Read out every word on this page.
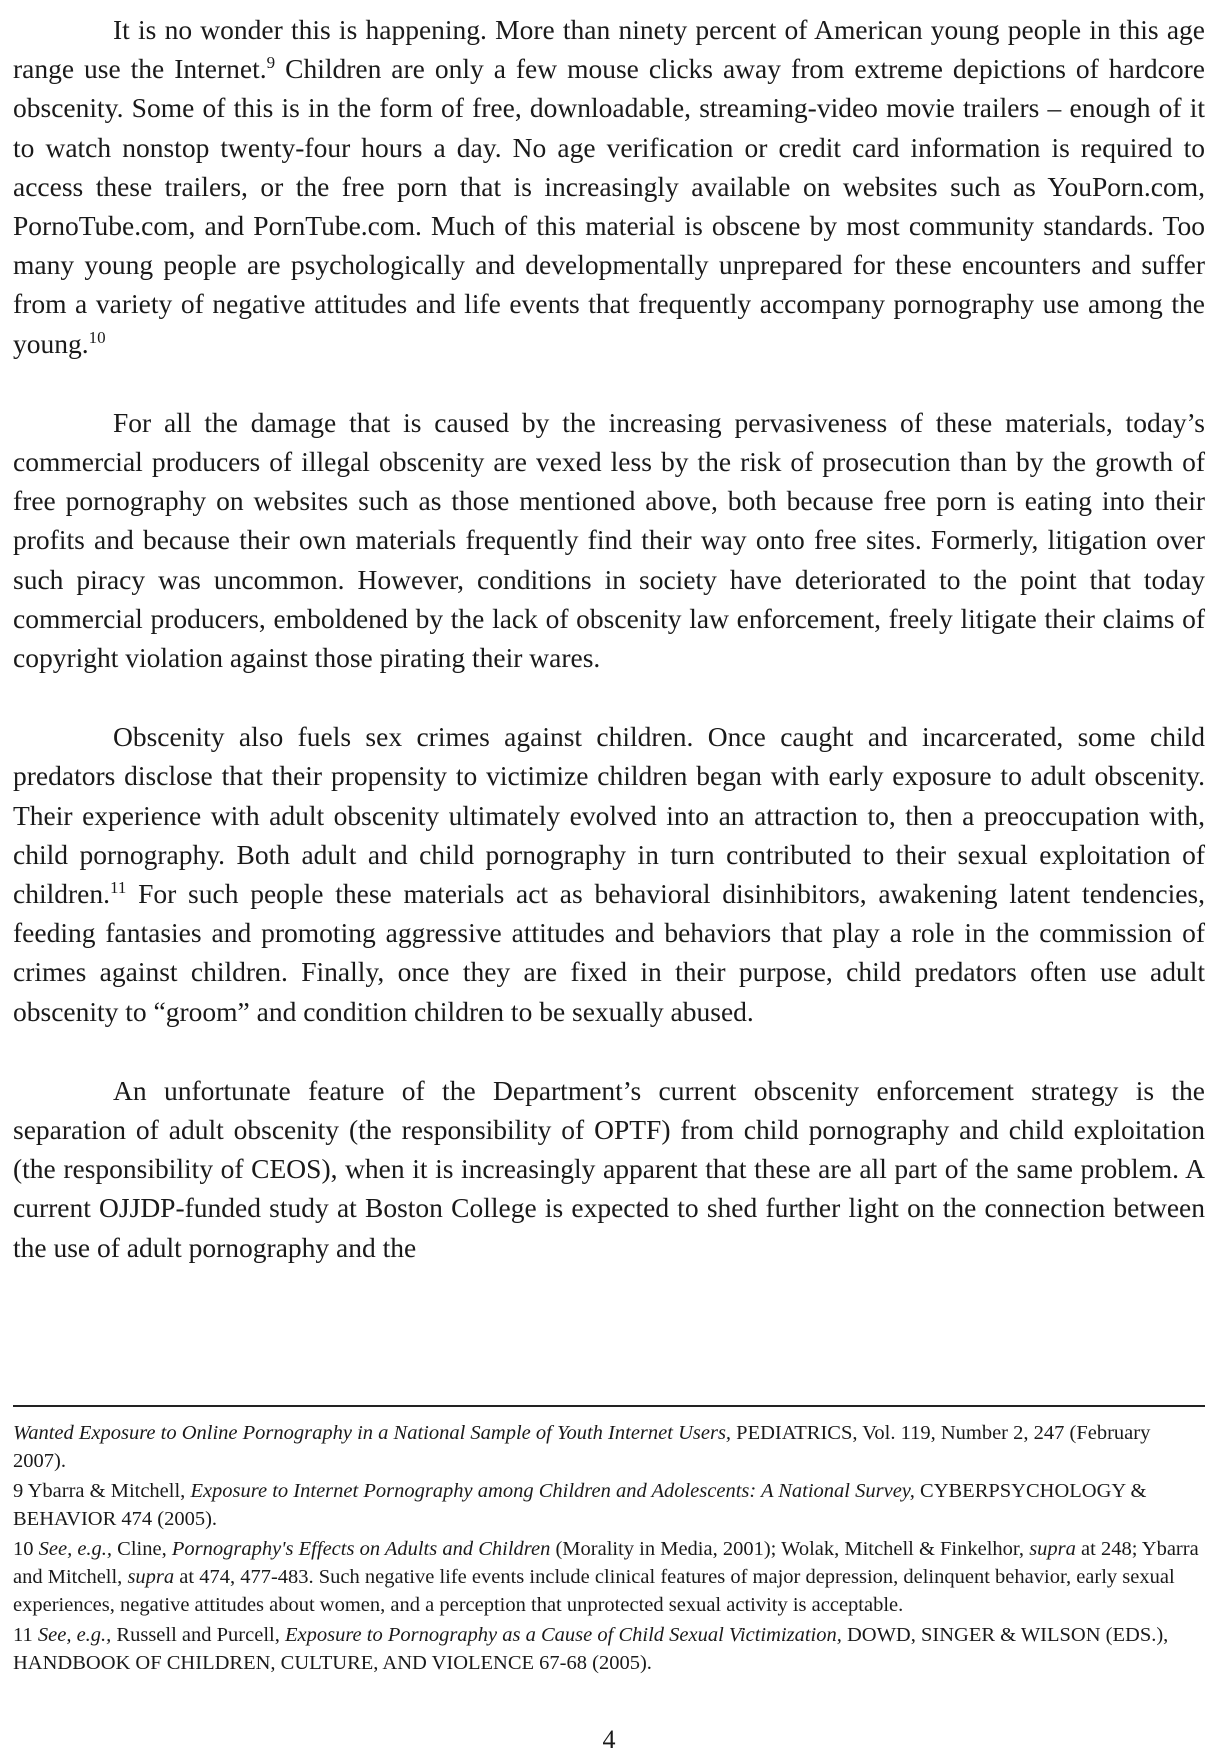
It is no wonder this is happening. More than ninety percent of American young people in this age range use the Internet.$^9$ Children are only a few mouse clicks away from extreme depictions of hardcore obscenity. Some of this is in the form of free, downloadable, streaming-video movie trailers – enough of it to watch nonstop twenty-four hours a day. No age verification or credit card information is required to access these trailers, or the free porn that is increasingly available on websites such as YouPorn.com, PornoTube.com, and PornTube.com. Much of this material is obscene by most community standards. Too many young people are psychologically and developmentally unprepared for these encounters and suffer from a variety of negative attitudes and life events that frequently accompany pornography use among the young.$^{10}$

For all the damage that is caused by the increasing pervasiveness of these materials, today’s commercial producers of illegal obscenity are vexed less by the risk of prosecution than by the growth of free pornography on websites such as those mentioned above, both because free porn is eating into their profits and because their own materials frequently find their way onto free sites. Formerly, litigation over such piracy was uncommon. However, conditions in society have deteriorated to the point that today commercial producers, emboldened by the lack of obscenity law enforcement, freely litigate their claims of copyright violation against those pirating their wares.

Obscenity also fuels sex crimes against children. Once caught and incarcerated, some child predators disclose that their propensity to victimize children began with early exposure to adult obscenity. Their experience with adult obscenity ultimately evolved into an attraction to, then a preoccupation with, child pornography. Both adult and child pornography in turn contributed to their sexual exploitation of children.$^{11}$ For such people these materials act as behavioral disinhibitors, awakening latent tendencies, feeding fantasies and promoting aggressive attitudes and behaviors that play a role in the commission of crimes against children. Finally, once they are fixed in their purpose, child predators often use adult obscenity to “groom” and condition children to be sexually abused.

An unfortunate feature of the Department’s current obscenity enforcement strategy is the separation of adult obscenity (the responsibility of OPTF) from child pornography and child exploitation (the responsibility of CEOS), when it is increasingly apparent that these are all part of the same problem. A current OJJDP-funded study at Boston College is expected to shed further light on the connection between the use of adult pornography and the

Wanted Exposure to Online Pornography in a National Sample of Youth Internet Users, PEDIATRICS, Vol. 119, Number 2, 247 (February 2007).

9 Ybarra & Mitchell, Exposure to Internet Pornography among Children and Adolescents: A National Survey, CYBERPSYCHOLOGY & BEHAVIOR 474 (2005).

10 See, e.g., Cline, Pornography's Effects on Adults and Children (Morality in Media, 2001); Wolak, Mitchell & Finkelhor, supra at 248; Ybarra and Mitchell, supra at 474, 477-483. Such negative life events include clinical features of major depression, delinquent behavior, early sexual experiences, negative attitudes about women, and a perception that unprotected sexual activity is acceptable.

11 See, e.g., Russell and Purcell, Exposure to Pornography as a Cause of Child Sexual Victimization, DOWD, SINGER & WILSON (EDS.), HANDBOOK OF CHILDREN, CULTURE, AND VIOLENCE 67-68 (2005).

4
